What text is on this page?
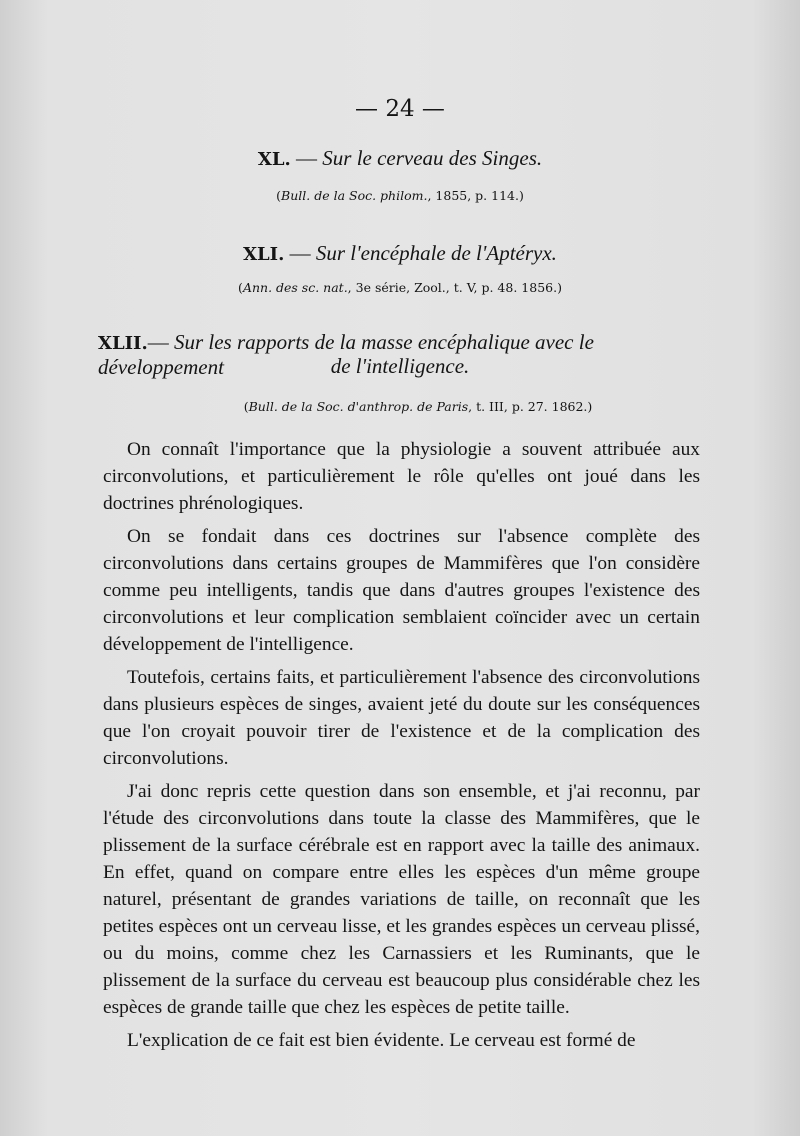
— 24 —
XL. — Sur le cerveau des Singes.
(Bull. de la Soc. philom., 1855, p. 114.)
XLI. — Sur l'encéphale de l'Aptéryx.
(Ann. des sc. nat., 3e série, Zool., t. V, p. 48. 1856.)
XLII.— Sur les rapports de la masse encéphalique avec le développement	de l'intelligence.
(Bull. de la Soc. d'anthrop. de Paris, t. III, p. 27. 1862.)

On connaît l'importance que la physiologie a souvent attribuée aux circonvolutions, et particulièrement le rôle qu'elles ont joué dans les doctrines phrénologiques.

On se fondait dans ces doctrines sur l'absence complète des circonvolutions dans certains groupes de Mammifères que l'on considère comme peu intelligents, tandis que dans d'autres groupes l'existence des circonvolutions et leur complication semblaient coïncider avec un certain développement de l'intelligence.

Toutefois, certains faits, et particulièrement l'absence des circonvolutions dans plusieurs espèces de singes, avaient jeté du doute sur les conséquences que l'on croyait pouvoir tirer de l'existence et de la complication des circonvolutions.

J'ai donc repris cette question dans son ensemble, et j'ai reconnu, par l'étude des circonvolutions dans toute la classe des Mammifères, que le plissement de la surface cérébrale est en rapport avec la taille des animaux. En effet, quand on compare entre elles les espèces d'un même groupe naturel, présentant de grandes variations de taille, on reconnaît que les petites espèces ont un cerveau lisse, et les grandes espèces un cerveau plissé, ou du moins, comme chez les Carnassiers et les Ruminants, que le plissement de la surface du cerveau est beaucoup plus considérable chez les espèces de grande taille que chez les espèces de petite taille.

L'explication de ce fait est bien évidente. Le cerveau est formé de
